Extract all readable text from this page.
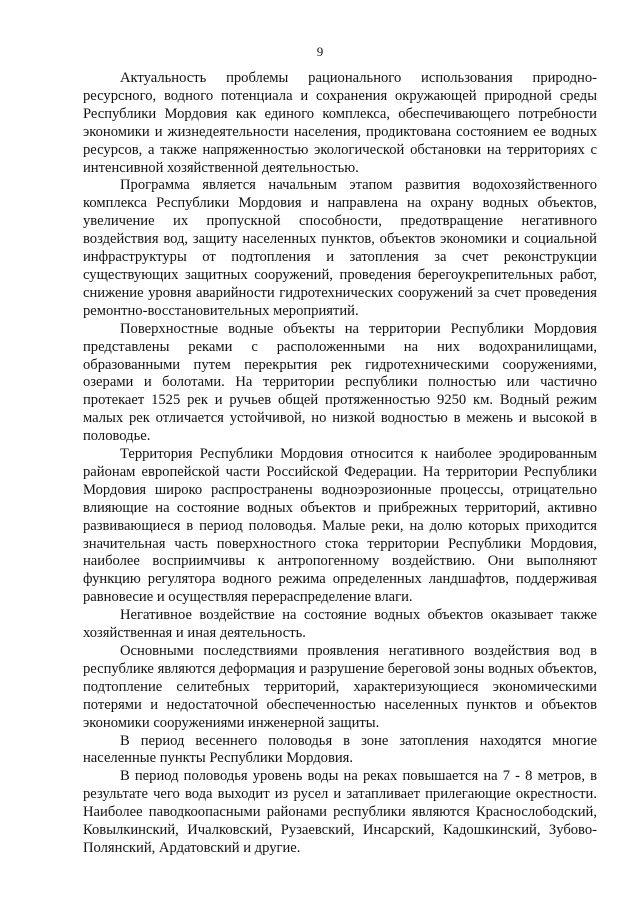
9

Актуальность проблемы рационального использования природно-ресурсного, водного потенциала и сохранения окружающей природной среды Республики Мордовия как единого комплекса, обеспечивающего потребности экономики и жизнедеятельности населения, продиктована состоянием ее водных ресурсов, а также напряженностью экологической обстановки на территориях с интенсивной хозяйственной деятельностью.

Программа является начальным этапом развития водохозяйственного комплекса Республики Мордовия и направлена на охрану водных объектов, увеличение их пропускной способности, предотвращение негативного воздействия вод, защиту населенных пунктов, объектов экономики и социальной инфраструктуры от подтопления и затопления за счет реконструкции существующих защитных сооружений, проведения берегоукрепительных работ, снижение уровня аварийности гидротехнических сооружений за счет проведения ремонтно-восстановительных мероприятий.

Поверхностные водные объекты на территории Республики Мордовия представлены реками с расположенными на них водохранилищами, образованными путем перекрытия рек гидротехническими сооружениями, озерами и болотами. На территории республики полностью или частично протекает 1525 рек и ручьев общей протяженностью 9250 км. Водный режим малых рек отличается устойчивой, но низкой водностью в межень и высокой в половодье.

Территория Республики Мордовия относится к наиболее эродированным районам европейской части Российской Федерации. На территории Республики Мордовия широко распространены водноэрозионные процессы, отрицательно влияющие на состояние водных объектов и прибрежных территорий, активно развивающиеся в период половодья. Малые реки, на долю которых приходится значительная часть поверхностного стока территории Республики Мордовия, наиболее восприимчивы к антропогенному воздействию. Они выполняют функцию регулятора водного режима определенных ландшафтов, поддерживая равновесие и осуществляя перераспределение влаги.

Негативное воздействие на состояние водных объектов оказывает также хозяйственная и иная деятельность.

Основными последствиями проявления негативного воздействия вод в республике являются деформация и разрушение береговой зоны водных объектов, подтопление селитебных территорий, характеризующиеся экономическими потерями и недостаточной обеспеченностью населенных пунктов и объектов экономики сооружениями инженерной защиты.

В период весеннего половодья в зоне затопления находятся многие населенные пункты Республики Мордовия.

В период половодья уровень воды на реках повышается на 7 - 8 метров, в результате чего вода выходит из русел и затапливает прилегающие окрестности. Наиболее паводкоопасными районами республики являются Краснослободский, Ковылкинский, Ичалковский, Рузаевский, Инсарский, Кадошкинский, Зубово-Полянский, Ардатовский и другие.
